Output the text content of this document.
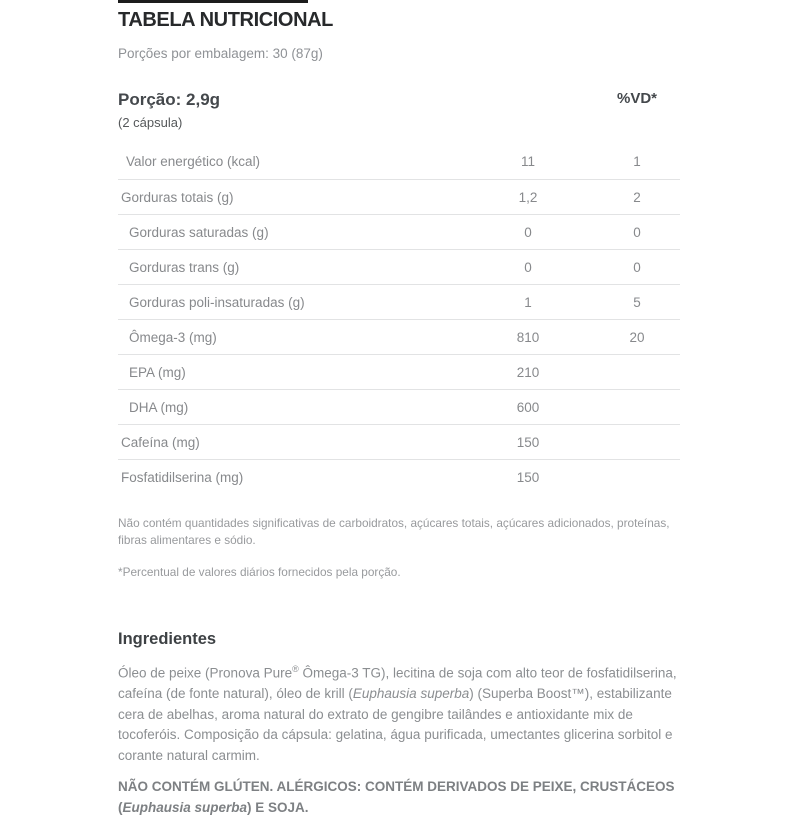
TABELA NUTRICIONAL
Porções por embalagem: 30 (87g)
Porção: 2,9g
(2 cápsula)
%VD*
Valor energético (kcal)	11	1
Gorduras totais (g)	1,2	2
Gorduras saturadas (g)	0	0
Gorduras trans (g)	0	0
Gorduras poli-insaturadas (g)	1	5
Ômega-3 (mg)	810	20
EPA (mg)	210
DHA (mg)	600
Cafeína (mg)	150
Fosfatidilserina (mg)	150

Não contém quantidades significativas de carboidratos, açúcares totais, açúcares adicionados, proteínas, fibras alimentares e sódio.

*Percentual de valores diários fornecidos pela porção.

Ingredientes

Óleo de peixe (Pronova Pure® Ômega-3 TG), lecitina de soja com alto teor de fosfatidilserina, cafeína (de fonte natural), óleo de krill (Euphausia superba) (Superba Boost™), estabilizante cera de abelhas, aroma natural do extrato de gengibre tailândes e antioxidante mix de tocoferóis. Composição da cápsula: gelatina, água purificada, umectantes glicerina sorbitol e corante natural carmim.

NÃO CONTÉM GLÚTEN. ALÉRGICOS: CONTÉM DERIVADOS DE PEIXE, CRUSTÁCEOS (Euphausia superba) E SOJA.
